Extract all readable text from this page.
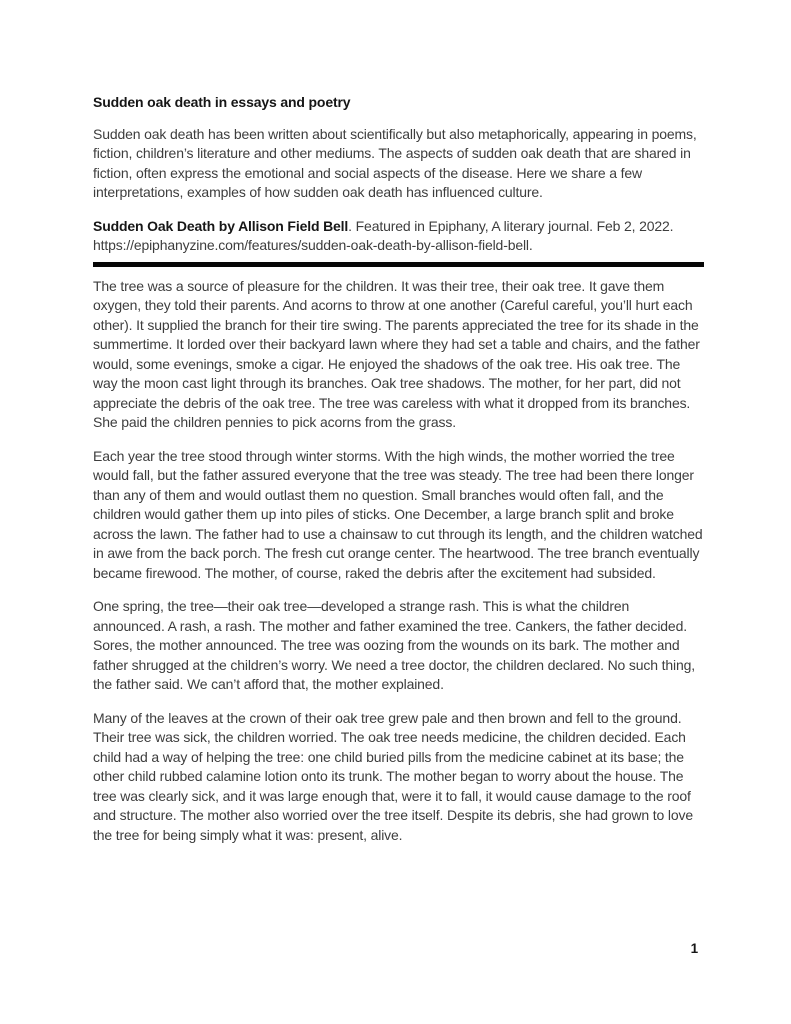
Sudden oak death in essays and poetry

Sudden oak death has been written about scientifically but also metaphorically, appearing in poems, fiction, children’s literature and other mediums. The aspects of sudden oak death that are shared in fiction, often express the emotional and social aspects of the disease. Here we share a few interpretations, examples of how sudden oak death has influenced culture.

Sudden Oak Death by Allison Field Bell. Featured in Epiphany, A literary journal. Feb 2, 2022. https://epiphanyzine.com/features/sudden-oak-death-by-allison-field-bell.

The tree was a source of pleasure for the children. It was their tree, their oak tree. It gave them oxygen, they told their parents. And acorns to throw at one another (Careful careful, you’ll hurt each other). It supplied the branch for their tire swing. The parents appreciated the tree for its shade in the summertime. It lorded over their backyard lawn where they had set a table and chairs, and the father would, some evenings, smoke a cigar. He enjoyed the shadows of the oak tree. His oak tree. The way the moon cast light through its branches. Oak tree shadows. The mother, for her part, did not appreciate the debris of the oak tree. The tree was careless with what it dropped from its branches. She paid the children pennies to pick acorns from the grass.

Each year the tree stood through winter storms. With the high winds, the mother worried the tree would fall, but the father assured everyone that the tree was steady. The tree had been there longer than any of them and would outlast them no question. Small branches would often fall, and the children would gather them up into piles of sticks. One December, a large branch split and broke across the lawn. The father had to use a chainsaw to cut through its length, and the children watched in awe from the back porch. The fresh cut orange center. The heartwood. The tree branch eventually became firewood. The mother, of course, raked the debris after the excitement had subsided.

One spring, the tree—their oak tree—developed a strange rash. This is what the children announced. A rash, a rash. The mother and father examined the tree. Cankers, the father decided. Sores, the mother announced. The tree was oozing from the wounds on its bark. The mother and father shrugged at the children’s worry. We need a tree doctor, the children declared. No such thing, the father said. We can’t afford that, the mother explained.

Many of the leaves at the crown of their oak tree grew pale and then brown and fell to the ground. Their tree was sick, the children worried. The oak tree needs medicine, the children decided. Each child had a way of helping the tree: one child buried pills from the medicine cabinet at its base; the other child rubbed calamine lotion onto its trunk. The mother began to worry about the house. The tree was clearly sick, and it was large enough that, were it to fall, it would cause damage to the roof and structure. The mother also worried over the tree itself. Despite its debris, she had grown to love the tree for being simply what it was: present, alive.

1
